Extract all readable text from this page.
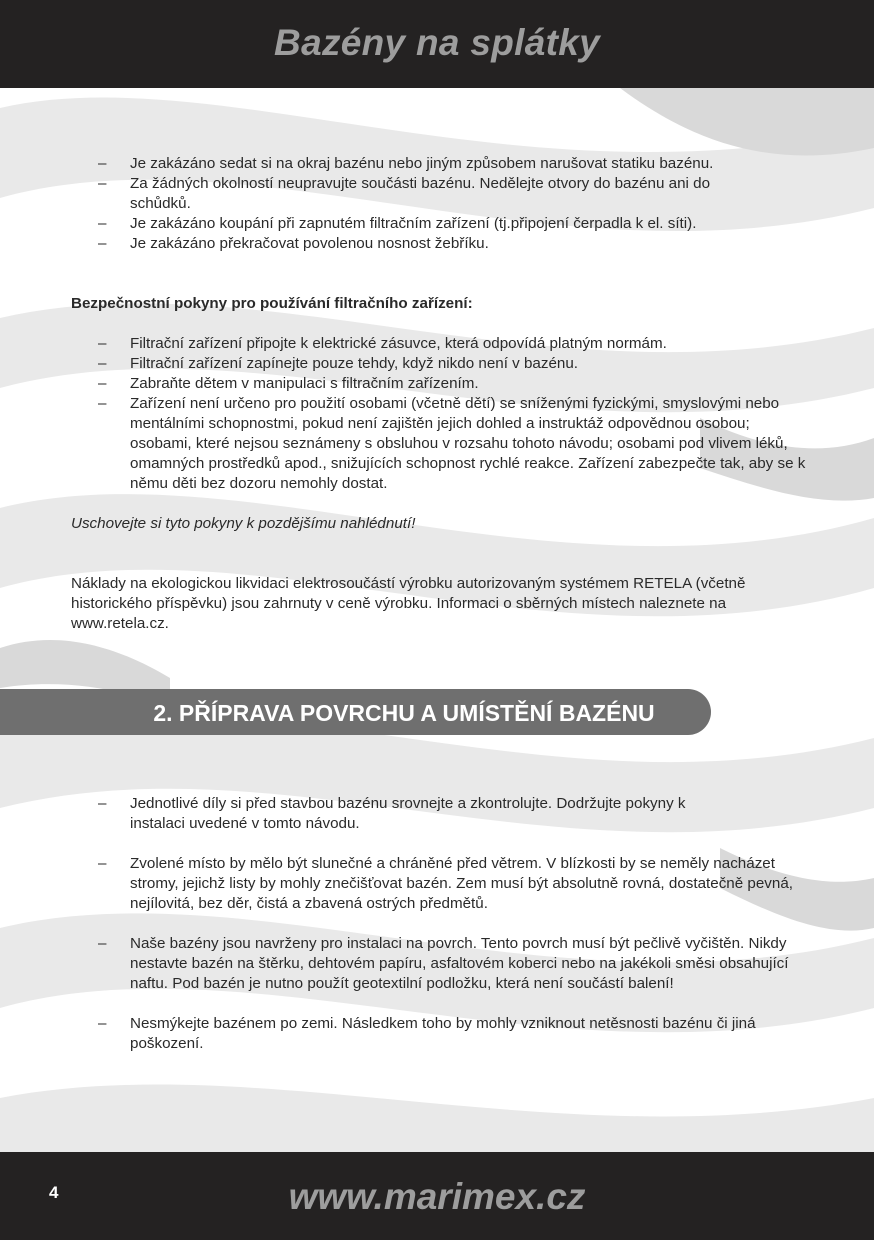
Bazény na splátky
– Je zakázáno sedat si na okraj bazénu nebo jiným způsobem narušovat statiku bazénu.
– Za žádných okolností neupravujte součásti bazénu. Nedělejte otvory do bazénu ani do schůdků.
– Je zakázáno koupání při zapnutém filtračním zařízení (tj.připojení čerpadla k el. síti).
– Je zakázáno překračovat povolenou nosnost žebříku.
Bezpečnostní pokyny pro používání filtračního zařízení:
– Filtrační zařízení připojte k elektrické zásuvce, která odpovídá platným normám.
– Filtrační zařízení zapínejte pouze tehdy, když nikdo není v bazénu.
– Zabraňte dětem v manipulaci s filtračním zařízením.
– Zařízení není určeno pro použití osobami (včetně dětí) se sníženými fyzickými, smyslovými nebo mentálními schopnostmi, pokud není zajištěn jejich dohled a instruktáž odpovědnou osobou; osobami, které nejsou seznámeny s obsluhou v rozsahu tohoto návodu; osobami pod vlivem léků, omamných prostředků apod., snižujících schopnost rychlé reakce. Zařízení zabezpečte tak, aby se k němu děti bez dozoru nemohly dostat.
Uschovejte si tyto pokyny k pozdějšímu nahlédnutí!
Náklady na ekologickou likvidaci elektrosoučástí výrobku autorizovaným systémem RETELA (včetně historického příspěvku) jsou zahrnuty v ceně výrobku. Informaci o sběrných místech naleznete na www.retela.cz.
2. PŘÍPRAVA POVRCHU A UMÍSTĚNÍ BAZÉNU
– Jednotlivé díly si před stavbou bazénu srovnejte a zkontrolujte. Dodržujte pokyny k instalaci uvedené v tomto návodu.
– Zvolené místo by mělo být slunečné a chráněné před větrem. V blízkosti by se neměly nacházet stromy, jejichž listy by mohly znečišťovat bazén. Zem musí být absolutně rovná, dostatečně pevná, nejílovitá, bez děr, čistá a zbavená ostrých předmětů.
– Naše bazény jsou navrženy pro instalaci na povrch. Tento povrch musí být pečlivě vyčištěn. Nikdy nestavte bazén na štěrku, dehtovém papíru, asfaltovém koberci nebo na jakékoli směsi obsahující naftu. Pod bazén je nutno použít geotextilní podložku, která není součástí balení!
– Nesmýkejte bazénem po zemi. Následkem toho by mohly vzniknout netěsnosti bazénu či jiná poškození.
4	www.marimex.cz
